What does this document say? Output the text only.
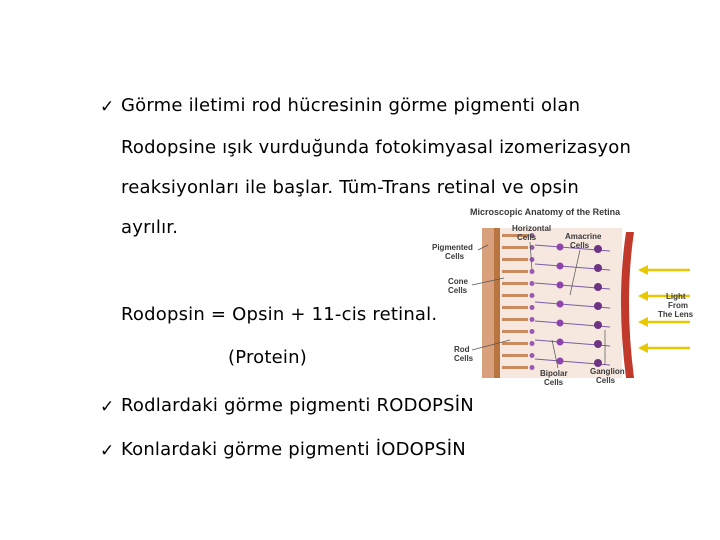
✓ Görme iletimi rod hücresinin görme pigmenti olan
Rodopsine ışık vurduğunda fotokimyasal izomerizasyon
reaksiyonları ile başlar. Tüm-Trans retinal ve opsin
ayrılır.
Rodopsin = Opsin + 11-cis retinal.
(Protein)
✓ Rodlardaki görme pigmenti RODOPSİN
✓ Konlardaki görme pigmenti İODOPSİN
Microscopic Anatomy of the Retina
Horizontal
Cells	Amacrine
Cells
Pigmented
Cells
Cone
Cells
Rod
Cells
Bipolar
Cells
Ganglion
Cells
Light
From
The Lens
